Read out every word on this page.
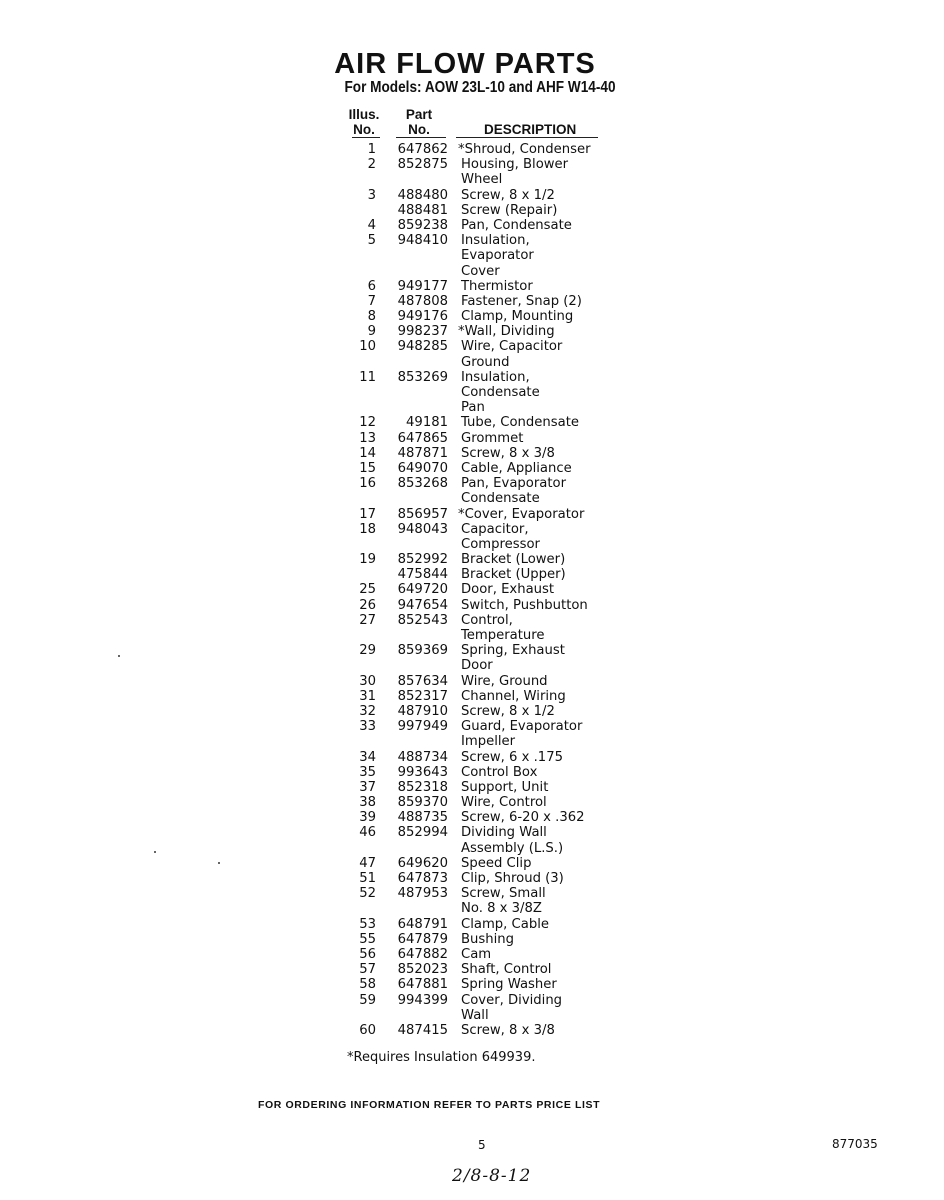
AIR FLOW PARTS
For Models: AOW 23L-10 and AHF W14-40
Illus.
No.
Part
No.	DESCRIPTION
1	647862 *Shroud, Condenser
2	852875 Housing, Blower
Wheel
3	488480 Screw, 8 x 1/2
488481 Screw (Repair)
4	859238 Pan, Condensate
5	948410 Insulation,
Evaporator
Cover
6	949177 Thermistor
7	487808 Fastener, Snap (2)
8	949176 Clamp, Mounting
9	998237 *Wall, Dividing
10	948285 Wire, Capacitor
Ground
11	853269 Insulation,
Condensate
Pan
12	49181 Tube, Condensate
13	647865 Grommet
14	487871 Screw, 8 x 3/8
15	649070 Cable, Appliance
16	853268 Pan, Evaporator
Condensate
17	856957 *Cover, Evaporator
18	948043 Capacitor,
Compressor
19	852992 Bracket (Lower)
475844 Bracket (Upper)
25	649720 Door, Exhaust
26	947654 Switch, Pushbutton
27	852543 Control,
Temperature
29	859369 Spring, Exhaust
Door
30	857634 Wire, Ground
31	852317 Channel, Wiring
32	487910 Screw, 8 x 1/2
33	997949 Guard, Evaporator
Impeller
34	488734 Screw, 6 x .175
35	993643 Control Box
37	852318 Support, Unit
38	859370 Wire, Control
39	488735 Screw, 6-20 x .362
46	852994 Dividing Wall
Assembly (L.S.)
47	649620 Speed Clip
51	647873 Clip, Shroud (3)
52	487953 Screw, Small
No. 8 x 3/8Z
53	648791 Clamp, Cable
55	647879 Bushing
56	647882 Cam
57	852023 Shaft, Control
58	647881 Spring Washer
59	994399 Cover, Dividing
Wall
60	487415 Screw, 8 x 3/8
*Requires Insulation 649939.
FOR ORDERING INFORMATION REFER TO PARTS PRICE LIST
5	877035
2/8-8-12
